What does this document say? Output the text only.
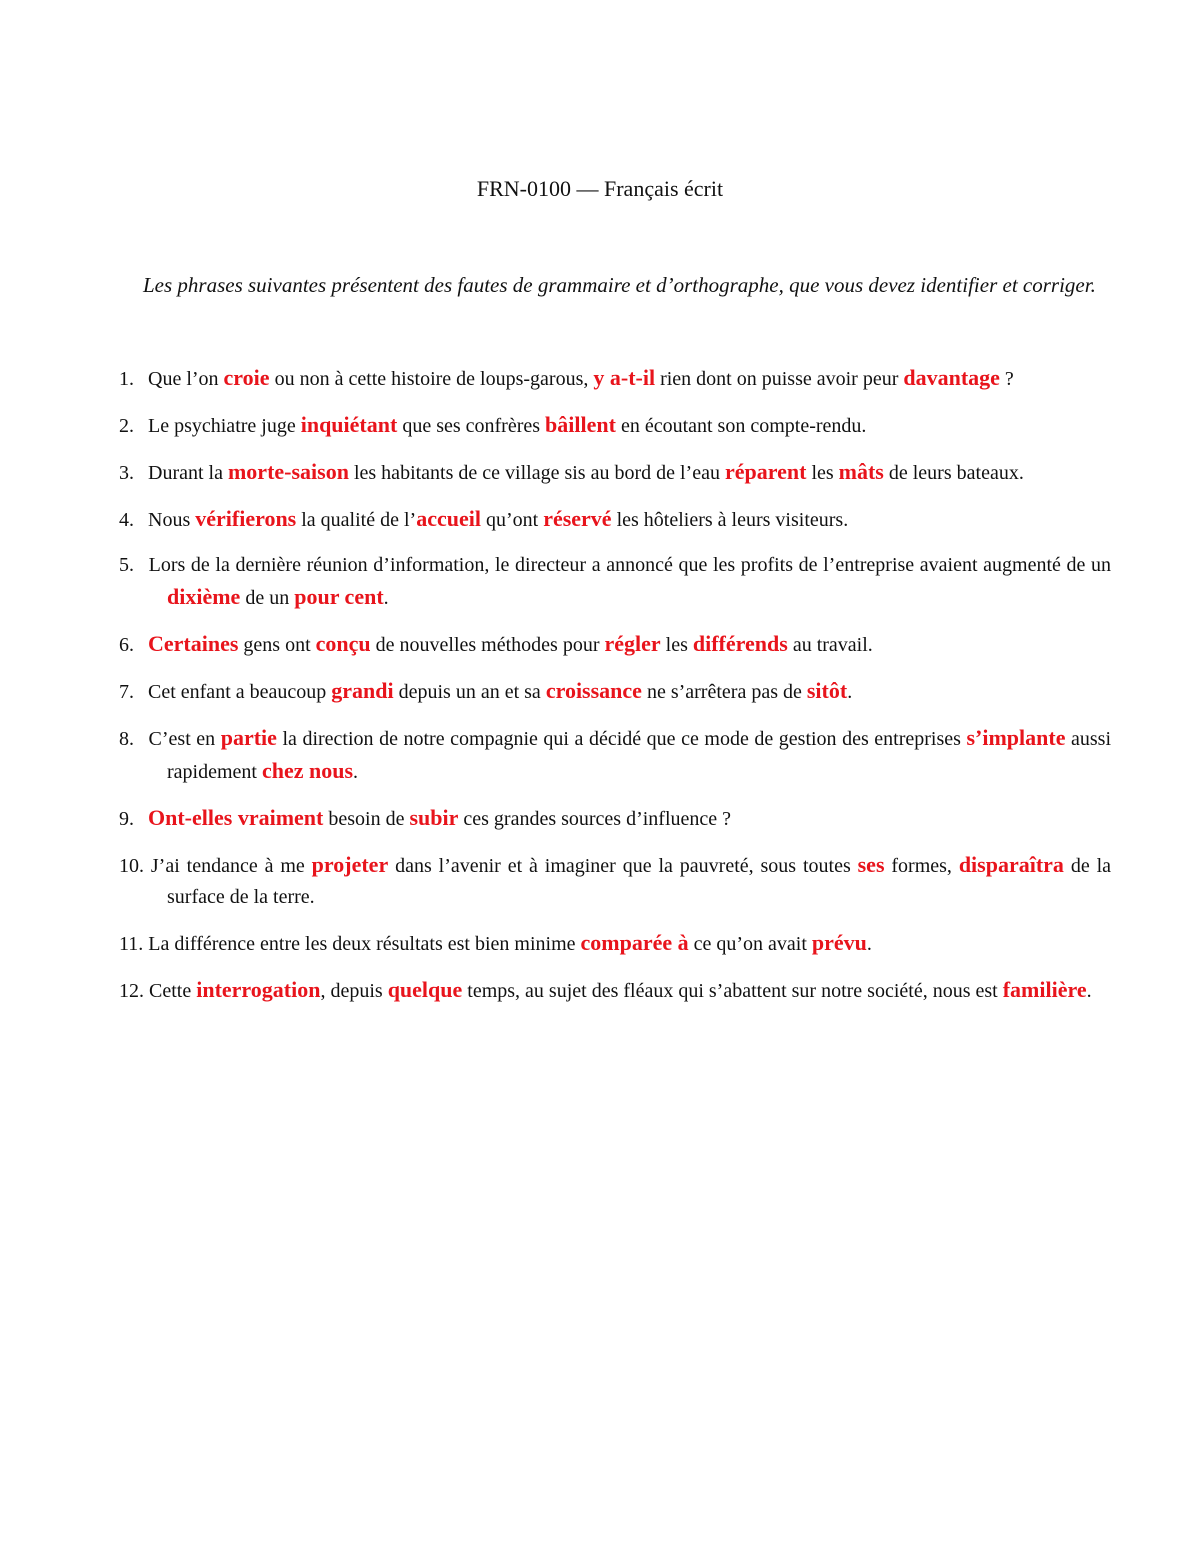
FRN-0100 — Français écrit
Les phrases suivantes présentent des fautes de grammaire et d’orthographe, que vous devez identifier et corriger.
1. Que l’on croie ou non à cette histoire de loups-garous, y a-t-il rien dont on puisse avoir peur davantage ?
2. Le psychiatre juge inquiétant que ses confrères bâillent en écoutant son compte-rendu.
3. Durant la morte-saison les habitants de ce village sis au bord de l’eau réparent les mâts de leurs bateaux.
4. Nous vérifierons la qualité de l’accueil qu’ont réservé les hôteliers à leurs visiteurs.
5. Lors de la dernière réunion d’information, le directeur a annoncé que les profits de l’entreprise avaient augmenté de un dixième de un pour cent.
6. Certaines gens ont conçu de nouvelles méthodes pour régler les différends au travail.
7. Cet enfant a beaucoup grandi depuis un an et sa croissance ne s’arrêtera pas de sitôt.
8. C’est en partie la direction de notre compagnie qui a décidé que ce mode de gestion des entreprises s’implante aussi rapidement chez nous.
9. Ont-elles vraiment besoin de subir ces grandes sources d’influence ?
10. J’ai tendance à me projeter dans l’avenir et à imaginer que la pauvreté, sous toutes ses formes, disparaîtra de la surface de la terre.
11. La différence entre les deux résultats est bien minime comparée à ce qu’on avait prévu.
12. Cette interrogation, depuis quelque temps, au sujet des fléaux qui s’abattent sur notre société, nous est familière.
